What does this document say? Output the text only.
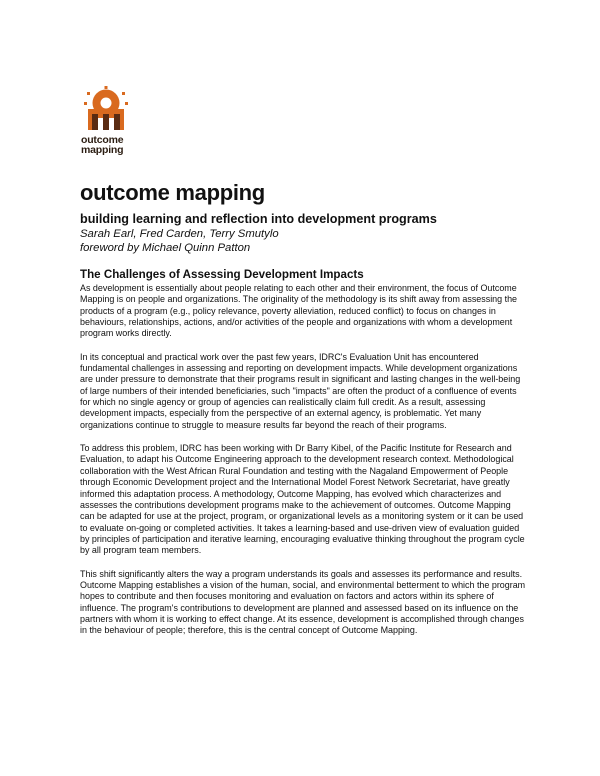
outcome
mapping
outcome mapping
building learning and reflection into development programs

Sarah Earl, Fred Carden, Terry Smutylo

foreword by Michael Quinn Patton

The Challenges of Assessing Development Impacts

As development is essentially about people relating to each other and their environment, the focus of Outcome Mapping is on people and organizations. The originality of the methodology is its shift away from assessing the products of a program (e.g., policy relevance, poverty alleviation, reduced conflict) to focus on changes in behaviours, relationships, actions, and/or activities of the people and organizations with whom a development program works directly.

In its conceptual and practical work over the past few years, IDRC's Evaluation Unit has encountered fundamental challenges in assessing and reporting on development impacts. While development organizations are under pressure to demonstrate that their programs result in significant and lasting changes in the well-being of large numbers of their intended beneficiaries, such "impacts" are often the product of a confluence of events for which no single agency or group of agencies can realistically claim full credit. As a result, assessing development impacts, especially from the perspective of an external agency, is problematic. Yet many organizations continue to struggle to measure results far beyond the reach of their programs.

To address this problem, IDRC has been working with Dr Barry Kibel, of the Pacific Institute for Research and Evaluation, to adapt his Outcome Engineering approach to the development research context. Methodological collaboration with the West African Rural Foundation and testing with the Nagaland Empowerment of People through Economic Development project and the International Model Forest Network Secretariat, have greatly informed this adaptation process. A methodology, Outcome Mapping, has evolved which characterizes and assesses the contributions development programs make to the achievement of outcomes. Outcome Mapping can be adapted for use at the project, program, or organizational levels as a monitoring system or it can be used to evaluate on-going or completed activities. It takes a learning-based and use-driven view of evaluation guided by principles of participation and iterative learning, encouraging evaluative thinking throughout the program cycle by all program team members.

This shift significantly alters the way a program understands its goals and assesses its performance and results. Outcome Mapping establishes a vision of the human, social, and environmental betterment to which the program hopes to contribute and then focuses monitoring and evaluation on factors and actors within its sphere of influence. The program's contributions to development are planned and assessed based on its influence on the partners with whom it is working to effect change. At its essence, development is accomplished through changes in the behaviour of people; therefore, this is the central concept of Outcome Mapping.
